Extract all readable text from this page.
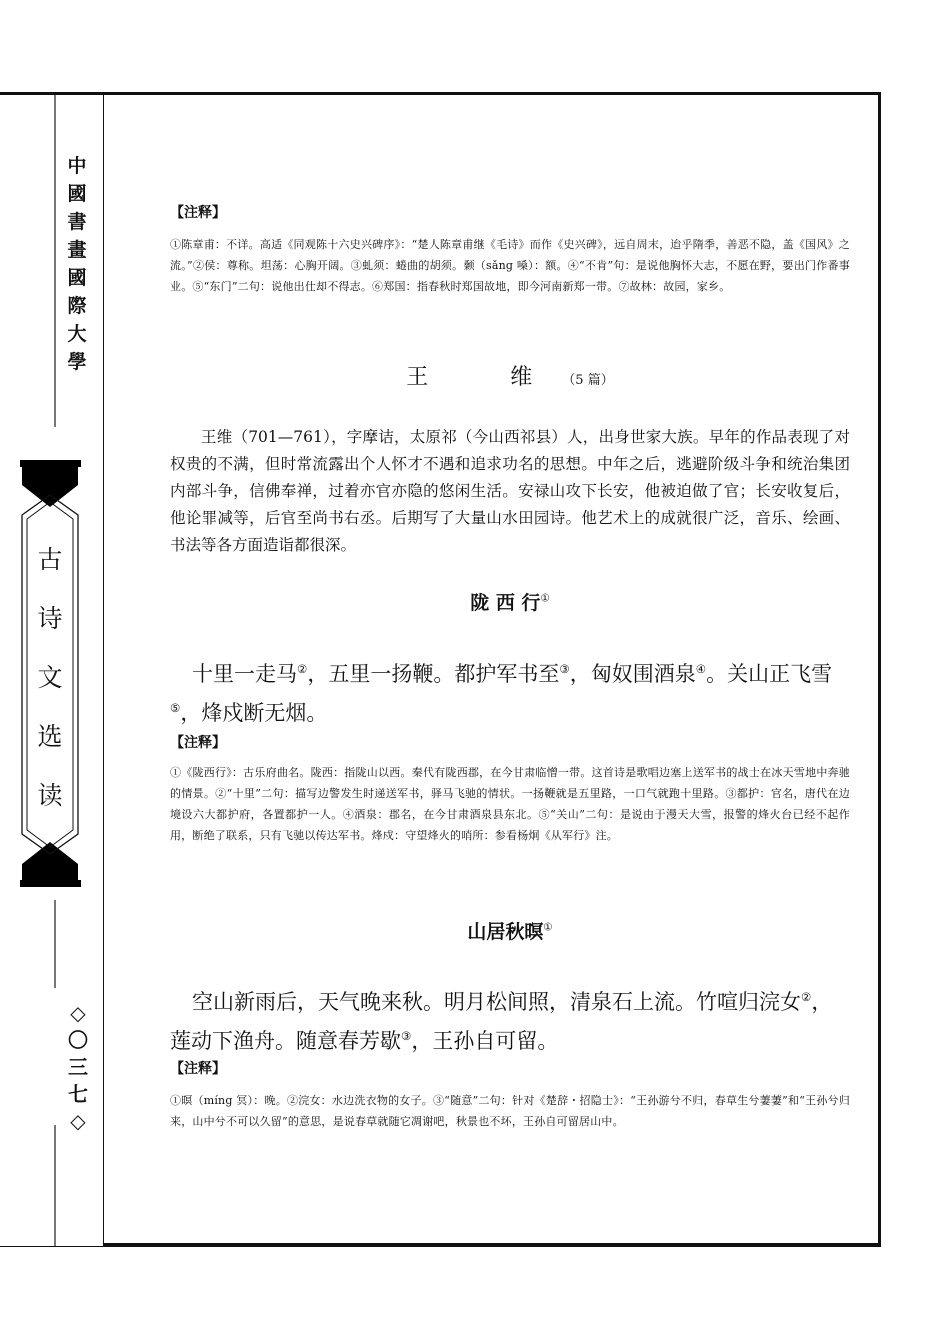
中
國
書
畫
國
際
大
學
古
诗
文
选
读
◇
〇
三
七
◇
【注释】
①陈章甫：不详。高适《同观陈十六史兴碑序》：“楚人陈章甫继《毛诗》而作《史兴碑》，远自周末，迨乎隋季，善恶不隐，盖《国风》之流。”②侯：尊称。坦荡：心胸开阔。③虬须：蜷曲的胡须。颡（sǎng 嗓）：额。④“不肯”句：是说他胸怀大志，不愿在野，要出门作番事业。⑤“东门”二句：说他出仕却不得志。⑥郑国：指春秋时郑国故地，即今河南新郑一带。⑦故林：故园，家乡。
王　维（5 篇）
王维（701—761），字摩诘，太原祁（今山西祁县）人，出身世家大族。早年的作品表现了对权贵的不满，但时常流露出个人怀才不遇和追求功名的思想。中年之后，逃避阶级斗争和统治集团内部斗争，信佛奉禅，过着亦官亦隐的悠闲生活。安禄山攻下长安，他被迫做了官；长安收复后，他论罪减等，后官至尚书右丞。后期写了大量山水田园诗。他艺术上的成就很广泛，音乐、绘画、书法等各方面造诣都很深。
陇 西 行①
十里一走马②，五里一扬鞭。都护军书至③，匈奴围酒泉④。关山正飞雪⑤，烽戍断无烟。
【注释】
①《陇西行》：古乐府曲名。陇西：指陇山以西。秦代有陇西郡，在今甘肃临憎一带。这首诗是歌唱边塞上送军书的战士在冰天雪地中奔驰的情景。②“十里”二句：描写边警发生时递送军书，驿马飞驰的情状。一扬鞭就是五里路，一口气就跑十里路。③都护：官名，唐代在边境设六大都护府，各置都护一人。④酒泉：郡名，在今甘肃酒泉县东北。⑤“关山”二句：是说由于漫天大雪，报警的烽火台已经不起作用，断绝了联系，只有飞驰以传达军书。烽戍：守望烽火的哨所：参看杨炯《从军行》注。
山居秋暝①
空山新雨后，天气晚来秋。明月松间照，清泉石上流。竹喧归浣女②，莲动下渔舟。随意春芳歇③，王孙自可留。
【注释】
①暝（míng 冥）：晚。②浣女：水边洗衣物的女子。③“随意”二句：针对《楚辞・招隐士》：“王孙游兮不归，春草生兮萋萋”和“王孙兮归来，山中兮不可以久留”的意思，是说春草就随它凋谢吧，秋景也不坏，王孙自可留居山中。
